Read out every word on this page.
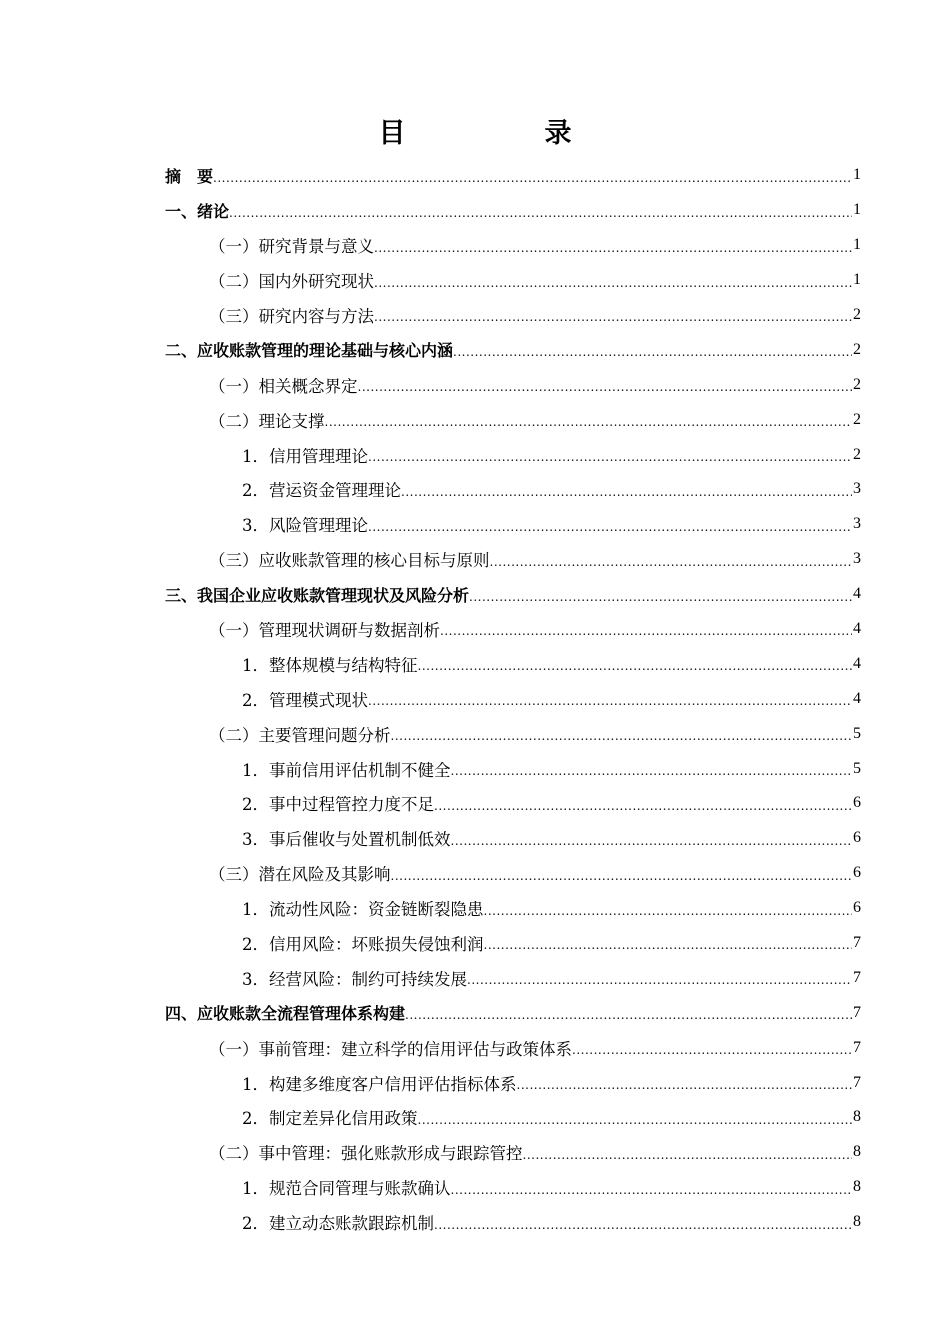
目　录
摘　要 .....	1
一、绪论 .....	1
（一）研究背景与意义 .....	1
（二）国内外研究现状 .....	1
（三）研究内容与方法 .....	2
二、应收账款管理的理论基础与核心内涵 .....	2
（一）相关概念界定 .....	2
（二）理论支撑 .....	2
1．信用管理理论 .....	2
2．营运资金管理理论 .....	3
3．风险管理理论 .....	3
（三）应收账款管理的核心目标与原则 .....	3
三、我国企业应收账款管理现状及风险分析 .....	4
（一）管理现状调研与数据剖析 .....	4
1．整体规模与结构特征 .....	4
2．管理模式现状 .....	4
（二）主要管理问题分析 .....	5
1．事前信用评估机制不健全 .....	5
2．事中过程管控力度不足 .....	6
3．事后催收与处置机制低效 .....	6
（三）潜在风险及其影响 .....	6
1．流动性风险：资金链断裂隐患 .....	6
2．信用风险：坏账损失侵蚀利润 .....	7
3．经营风险：制约可持续发展 .....	7
四、应收账款全流程管理体系构建 .....	7
（一）事前管理：建立科学的信用评估与政策体系 .....	7
1．构建多维度客户信用评估指标体系 .....	7
2．制定差异化信用政策 .....	8
（二）事中管理：强化账款形成与跟踪管控 .....	8
1．规范合同管理与账款确认 .....	8
2．建立动态账款跟踪机制 .....	8
